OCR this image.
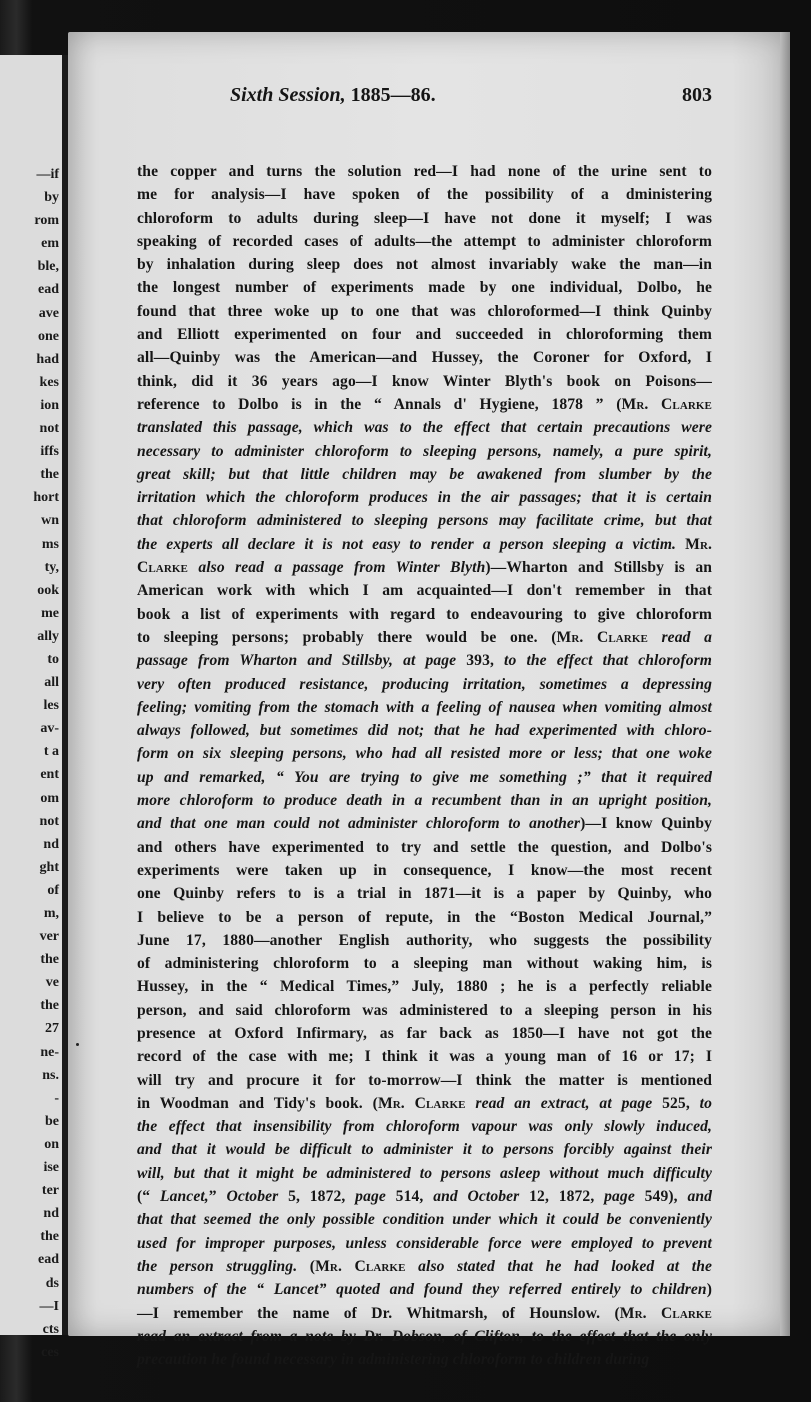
—if
by
rom
em
ble,
ead
ave
one
had
kes
ion
not
iffs
the
hort
wn
ms
ty,
ook
me
ally
to
all
les
av-
t a
ent
om
not
nd
ght
of
m,
ver
the
ve
the
27
ne-
ns.
-
be
on
ise
ter
nd
the
ead
ds
—I
cts
ces
Sixth Session, 1885—86.	803
the copper and turns the solution red—I had none of the urine sent to
me for analysis—I have spoken of the possibility of a dministering
chloroform to adults during sleep—I have not done it myself; I was
speaking of recorded cases of adults—the attempt to administer chloroform
by inhalation during sleep does not almost invariably wake the man—in
the longest number of experiments made by one individual, Dolbo, he
found that three woke up to one that was chloroformed—I think Quinby
and Elliott experimented on four and succeeded in chloroforming them
all—Quinby was the American—and Hussey, the Coroner for Oxford, I
think, did it 36 years ago—I know Winter Blyth's book on Poisons—
reference to Dolbo is in the “ Annals d' Hygiene, 1878 ” (Mr. Clarke
translated this passage, which was to the effect that certain precautions were
necessary to administer chloroform to sleeping persons, namely, a pure spirit,
great skill; but that little children may be awakened from slumber by the
irritation which the chloroform produces in the air passages; that it is certain
that chloroform administered to sleeping persons may facilitate crime, but that
the experts all declare it is not easy to render a person sleeping a victim. Mr.
Clarke also read a passage from Winter Blyth)—Wharton and Stillsby is an
American work with which I am acquainted—I don't remember in that
book a list of experiments with regard to endeavouring to give chloroform
to sleeping persons; probably there would be one. (Mr. Clarke read a
passage from Wharton and Stillsby, at page 393, to the effect that chloroform
very often produced resistance, producing irritation, sometimes a depressing
feeling; vomiting from the stomach with a feeling of nausea when vomiting almost
always followed, but sometimes did not; that he had experimented with chloro-
form on six sleeping persons, who had all resisted more or less; that one woke
up and remarked, “ You are trying to give me something ;” that it required
more chloroform to produce death in a recumbent than in an upright position,
and that one man could not administer chloroform to another)—I know Quinby
and others have experimented to try and settle the question, and Dolbo's
experiments were taken up in consequence, I know—the most recent
one Quinby refers to is a trial in 1871—it is a paper by Quinby, who
I believe to be a person of repute, in the “Boston Medical Journal,”
June 17, 1880—another English authority, who suggests the possibility
of administering chloroform to a sleeping man without waking him, is
Hussey, in the “ Medical Times,” July, 1880 ; he is a perfectly reliable
person, and said chloroform was administered to a sleeping person in his
presence at Oxford Infirmary, as far back as 1850—I have not got the
record of the case with me; I think it was a young man of 16 or 17; I
will try and procure it for to-morrow—I think the matter is mentioned
in Woodman and Tidy's book. (Mr. Clarke read an extract, at page 525, to
the effect that insensibility from chloroform vapour was only slowly induced,
and that it would be difficult to administer it to persons forcibly against their
will, but that it might be administered to persons asleep without much difficulty
(“ Lancet,” October 5, 1872, page 514, and October 12, 1872, page 549), and
that that seemed the only possible condition under which it could be conveniently
used for improper purposes, unless considerable force were employed to prevent
the person struggling. (Mr. Clarke also stated that he had looked at the
numbers of the “ Lancet” quoted and found they referred entirely to children)
—I remember the name of Dr. Whitmarsh, of Hounslow. (Mr. Clarke
read an extract from a note by Dr. Dobson, of Clifton, to the effect that the only
precaution he found necessary in administering chloroform to children during
